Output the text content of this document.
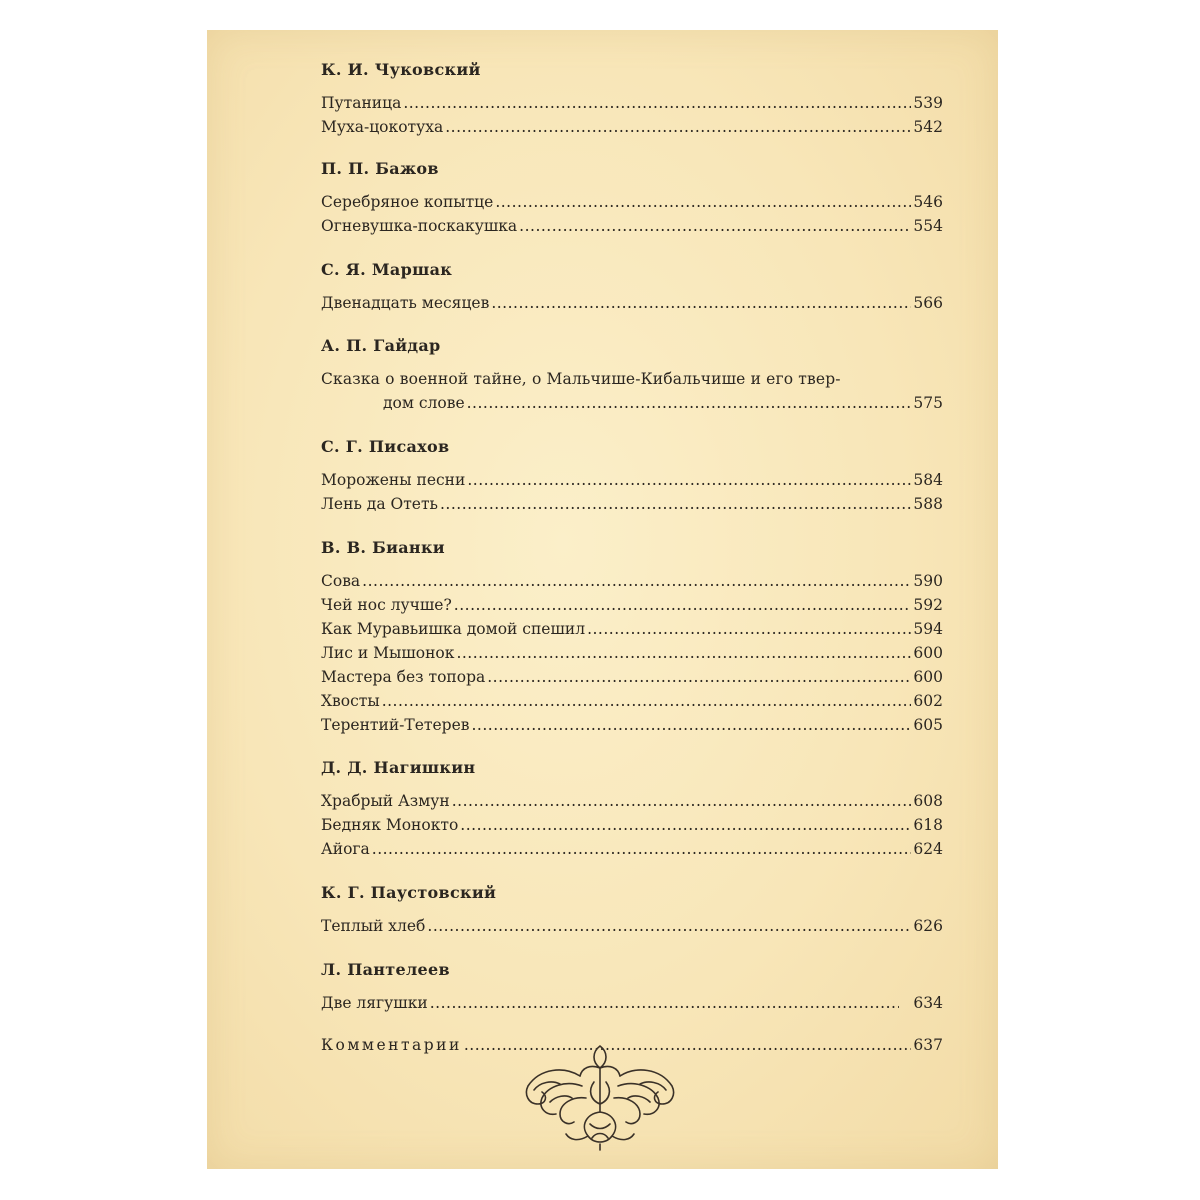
К. И. Чуковский
Путаница .....	539
Муха-цокотуха .....	542
П. П. Бажов
Серебряное копытце .....	546
Огневушка-поскакушка .....	554
С. Я. Маршак
Двенадцать месяцев .....	566
А. П. Гайдар
Сказка о военной тайне, о Мальчише-Кибальчише и его твер-
дом слове .....	575
С. Г. Писахов
Морожены песни .....	584
Лень да Отеть .....	588
В. В. Бианки
Сова .....	590
Чей нос лучше? .....	592
Как Муравьишка домой спешил .....	594
Лис и Мышонок .....	600
Мастера без топора .....	600
Хвосты .....	602
Терентий-Тетерев .....	605
Д. Д. Нагишкин
Храбрый Азмун .....	608
Бедняк Монокто .....	618
Айога .....	624
К. Г. Паустовский
Теплый хлеб .....	626
Л. Пантелеев
Две лягушки .....	634
Комментарии .....	637
